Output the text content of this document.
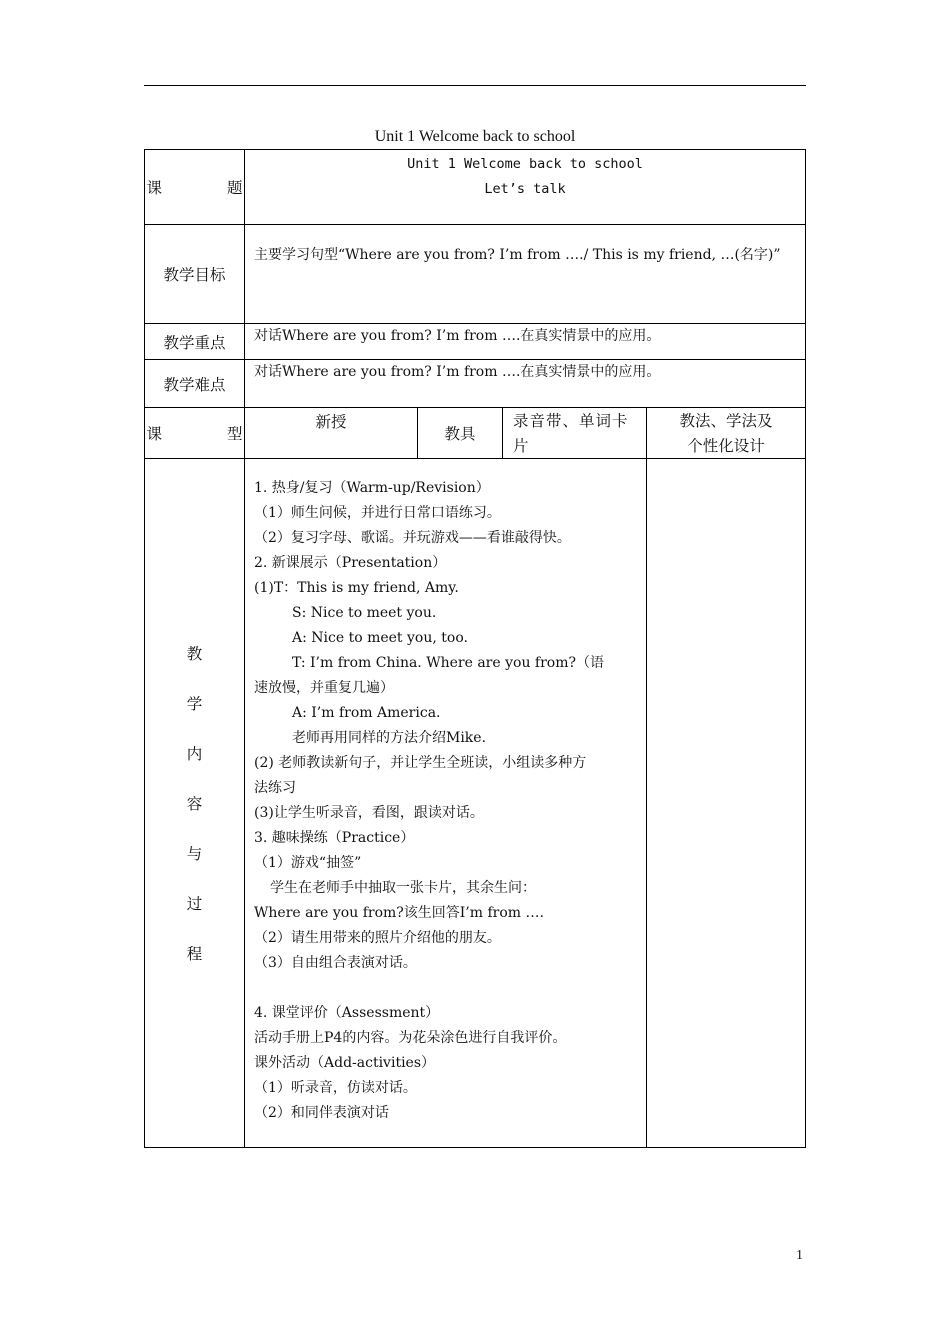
Unit 1 Welcome back to school
课 题
Unit 1 Welcome back to school
Let’s talk
教学目标
主要学习句型“Where are you from? I’m from …./ This is my friend, …(名字)”
教学重点 对话Where are you from? I’m from ….在真实情景中的应用。
教学难点
对话Where are you from? I’m from ….在真实情景中的应用。
课 型
新授
教具
录音带、单词卡片
教法、学法及
个性化设计
教
学
内
容
与
过
程
1. 热身/复习（Warm-up/Revision）
（1）师生问候，并进行日常口语练习。
（2）复习字母、歌谣。并玩游戏——看谁敲得快。
2. 新课展示（Presentation）
(1)T：This is my friend, Amy.
S: Nice to meet you.
A: Nice to meet you, too.
T: I’m from China. Where are you from?（语
速放慢，并重复几遍）
A: I’m from America.
老师再用同样的方法介绍Mike.
(2) 老师教读新句子，并让学生全班读，小组读多种方
法练习
(3)让学生听录音，看图，跟读对话。
3. 趣味操练（Practice）
（1）游戏“抽签”
学生在老师手中抽取一张卡片，其余生问：
Where are you from?该生回答I’m from ….
（2）请生用带来的照片介绍他的朋友。
（3）自由组合表演对话。
4. 课堂评价（Assessment）
活动手册上P4的内容。为花朵涂色进行自我评价。
课外活动（Add-activities）
（1）听录音，仿读对话。
（2）和同伴表演对话
1
